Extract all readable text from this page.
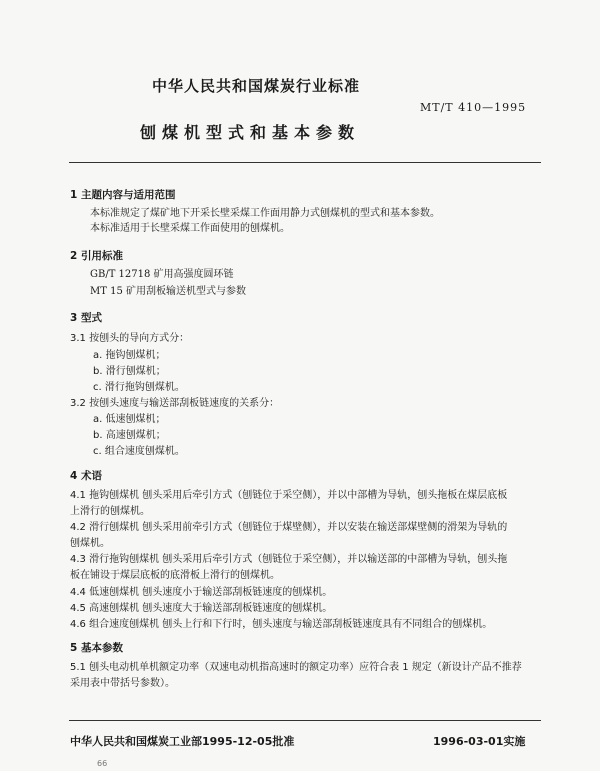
中华人民共和国煤炭行业标准
MT/T 410—1995
刨煤机型式和基本参数
1 主题内容与适用范围
本标准规定了煤矿地下开采长壁采煤工作面用静力式刨煤机的型式和基本参数。
本标准适用于长壁采煤工作面使用的刨煤机。
2 引用标准
GB/T 12718 矿用高强度圆环链
MT 15 矿用刮板输送机型式与参数
3 型式
3.1 按刨头的导向方式分：
a. 拖钩刨煤机；
b. 滑行刨煤机；
c. 滑行拖钩刨煤机。
3.2 按刨头速度与输送部刮板链速度的关系分：
a. 低速刨煤机；
b. 高速刨煤机；
c. 组合速度刨煤机。
4 术语
4.1 拖钩刨煤机 刨头采用后牵引方式（刨链位于采空侧），并以中部槽为导轨，刨头拖板在煤层底板
上滑行的刨煤机。
4.2 滑行刨煤机 刨头采用前牵引方式（刨链位于煤壁侧），并以安装在输送部煤壁侧的滑架为导轨的
刨煤机。
4.3 滑行拖钩刨煤机 刨头采用后牵引方式（刨链位于采空侧），并以输送部的中部槽为导轨，刨头拖
板在铺设于煤层底板的底滑板上滑行的刨煤机。
4.4 低速刨煤机 刨头速度小于输送部刮板链速度的刨煤机。
4.5 高速刨煤机 刨头速度大于输送部刮板链速度的刨煤机。
4.6 组合速度刨煤机 刨头上行和下行时，刨头速度与输送部刮板链速度具有不同组合的刨煤机。
5 基本参数
5.1 刨头电动机单机额定功率（双速电动机指高速时的额定功率）应符合表 1 规定（新设计产品不推荐
采用表中带括号参数）。
中华人民共和国煤炭工业部1995-12-05批准	1996-03-01实施
66
